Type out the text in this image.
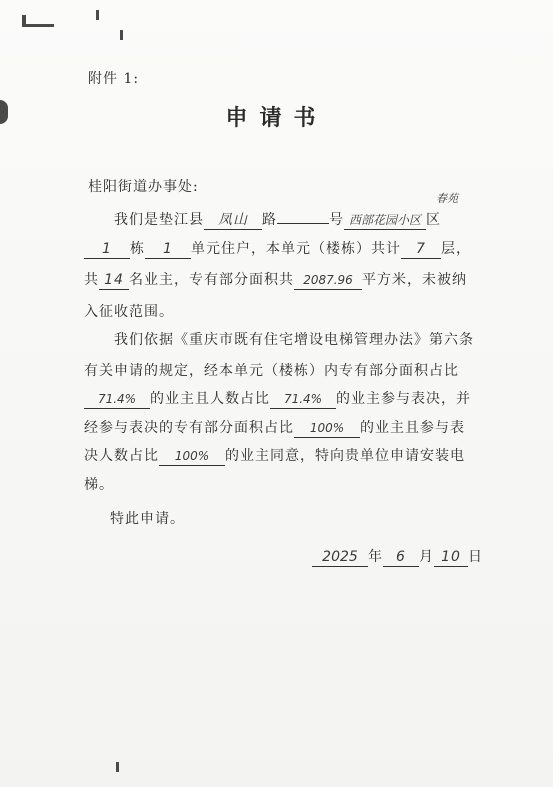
附件 1:
申请书
桂阳街道办事处:
我们是垫江县 凤山 路	号 西部花园小区 区
春苑
1 栋 1 单元住户，本单元（楼栋）共计 7 层，
共 14 名业主，专有部分面积共 2087.96 平方米，未被纳
入征收范围。
我们依据《重庆市既有住宅增设电梯管理办法》第六条
有关申请的规定，经本单元（楼栋）内专有部分面积占比
71.4% 的业主且人数占比 71.4% 的业主参与表决，并
经参与表决的专有部分面积占比 100% 的业主且参与表
决人数占比 100% 的业主同意，特向贵单位申请安装电
梯。
特此申请。
2025 年 6 月 10 日
